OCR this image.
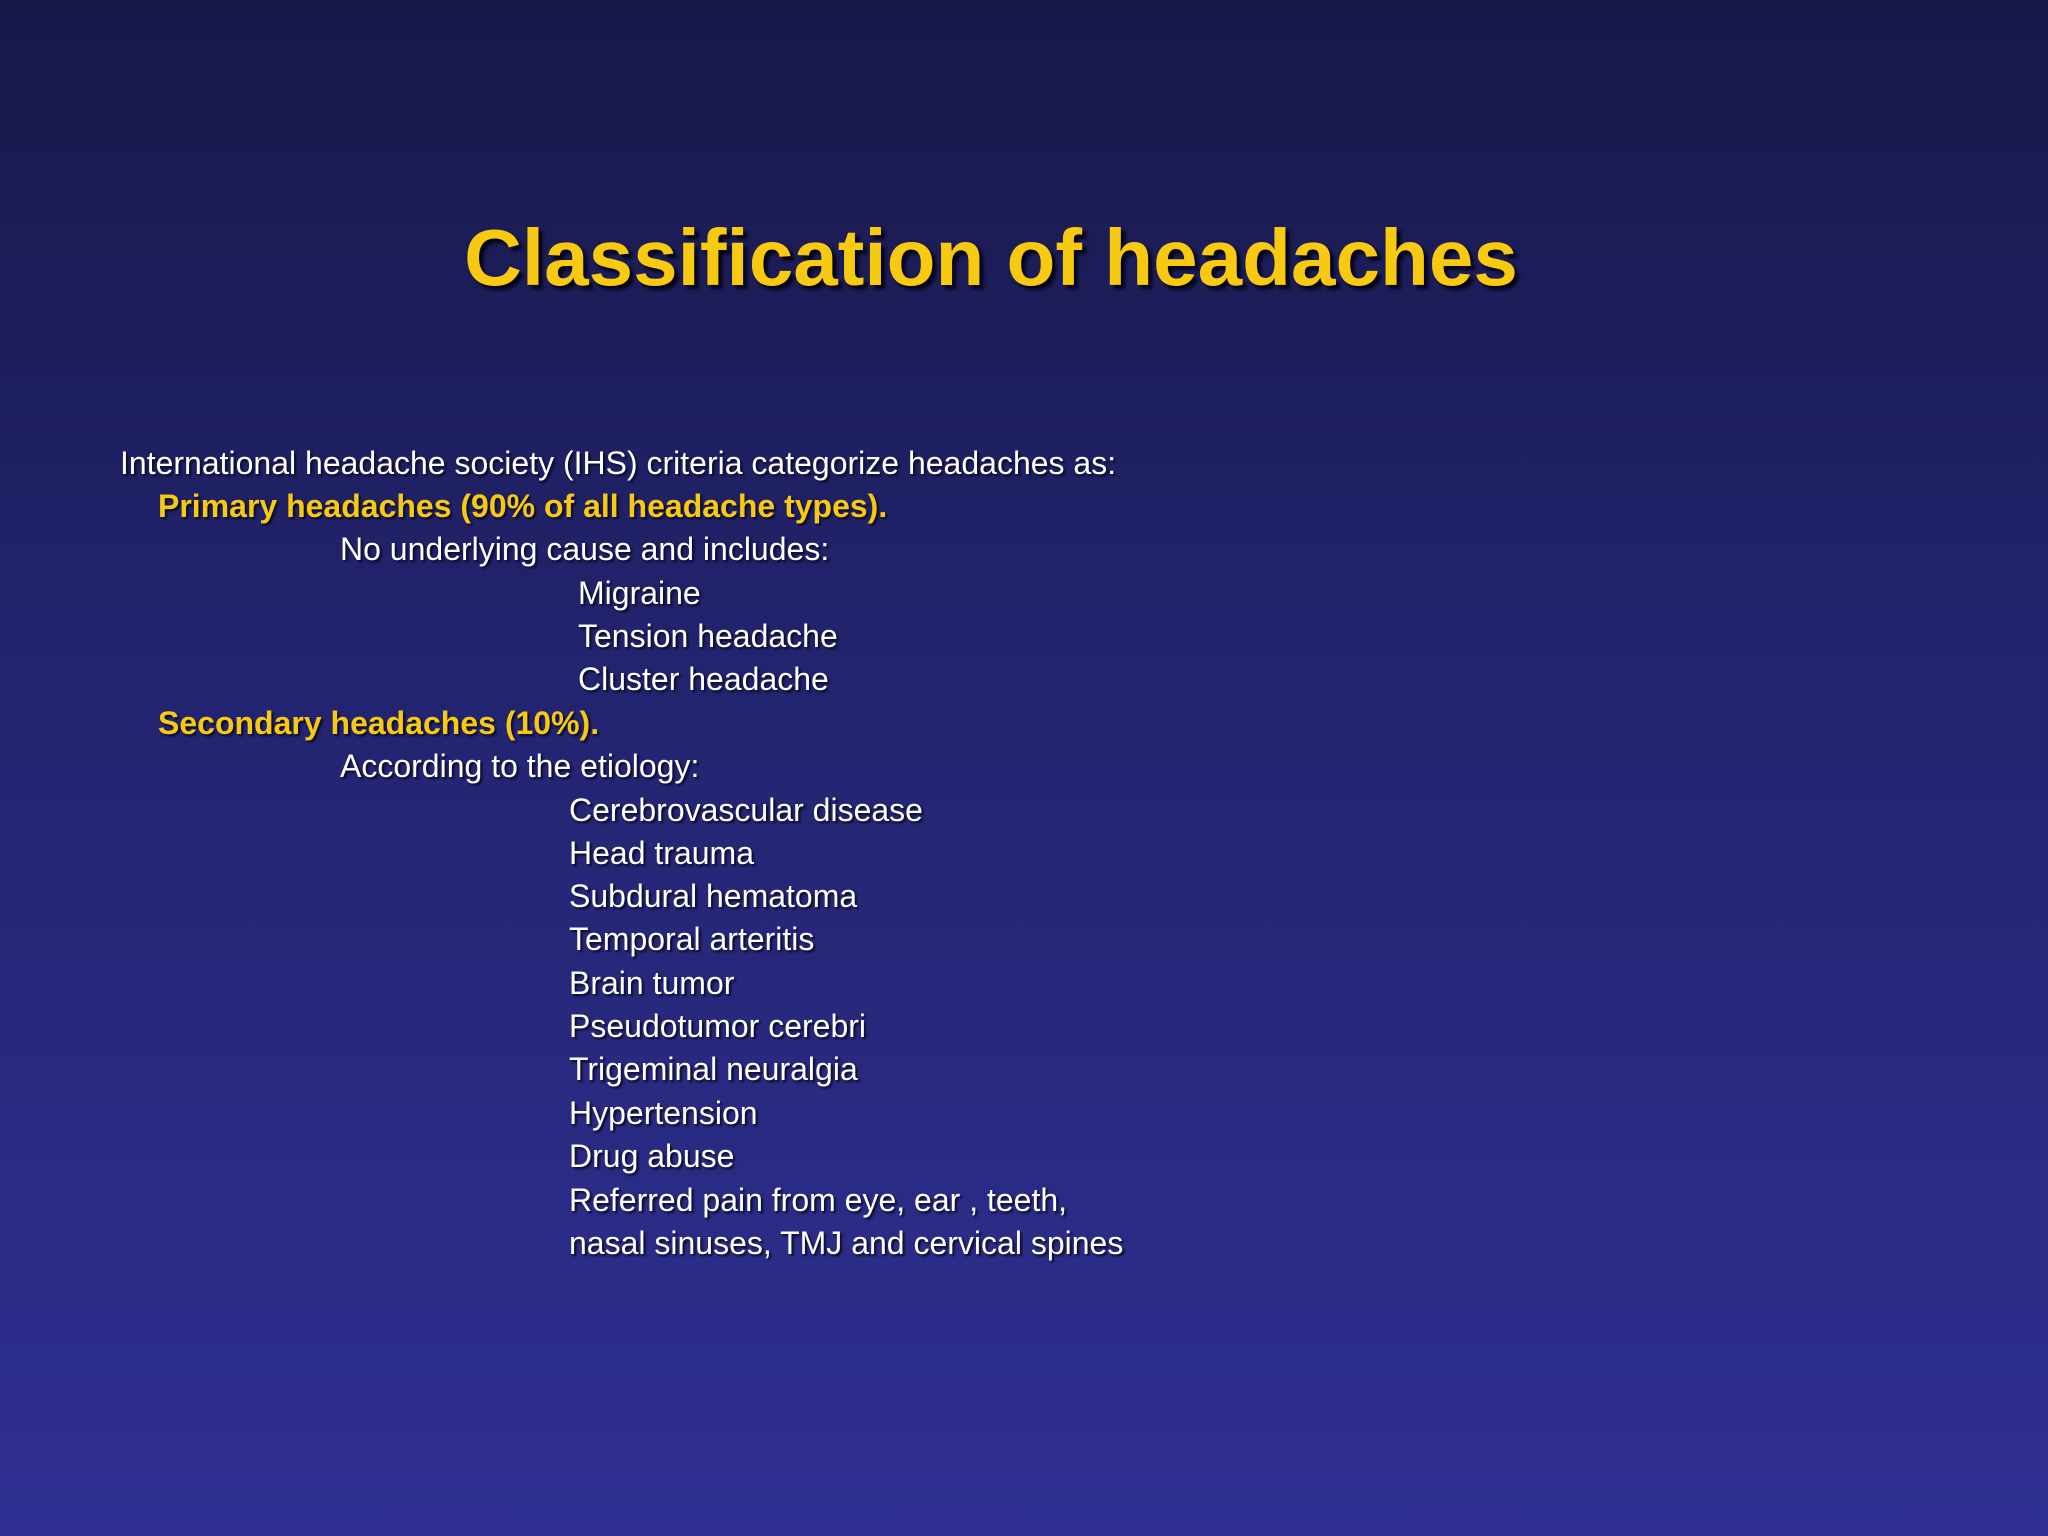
Classification of headaches
International headache society (IHS) criteria categorize headaches as:
Primary headaches (90% of all headache types).
No underlying cause and includes:
Migraine
Tension headache
Cluster headache
Secondary headaches (10%).
According to the etiology:
Cerebrovascular disease
Head trauma
Subdural hematoma
Temporal arteritis
Brain tumor
Pseudotumor cerebri
Trigeminal neuralgia
Hypertension
Drug abuse
Referred pain from eye, ear , teeth,
nasal sinuses, TMJ and cervical spines
